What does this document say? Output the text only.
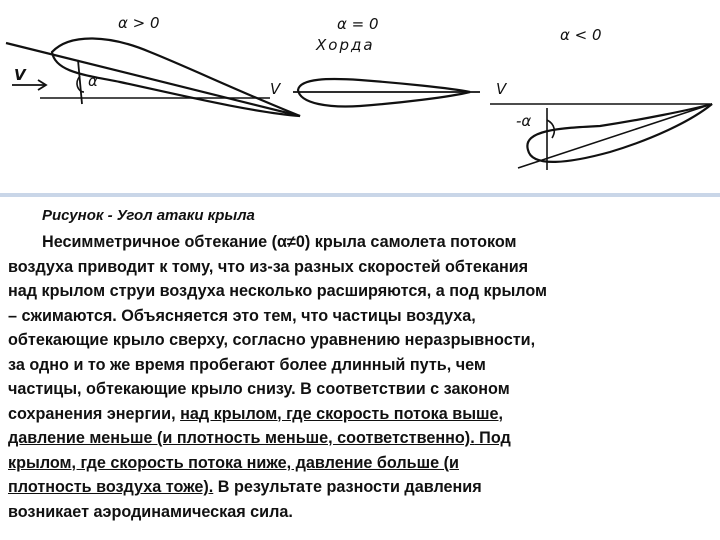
α > 0	α = 0
Хорда
α < 0
V
V	V
α
-α
Рисунок - Угол атаки крыла
Несимметричное обтекание (α≠0) крыла самолета потоком
воздуха приводит к тому, что из-за разных скоростей обтекания
над крылом струи воздуха несколько расширяются, а под крылом
– сжимаются. Объясняется это тем, что частицы воздуха,
обтекающие крыло сверху, согласно уравнению неразрывности,
за одно и то же время пробегают более длинный путь, чем
частицы, обтекающие крыло снизу. В соответствии с законом
сохранения энергии, над крылом, где скорость потока выше,
давление меньше (и плотность меньше, соответственно). Под
крылом, где скорость потока ниже, давление больше (и
плотность воздуха тоже). В результате разности давления
возникает аэродинамическая сила.
